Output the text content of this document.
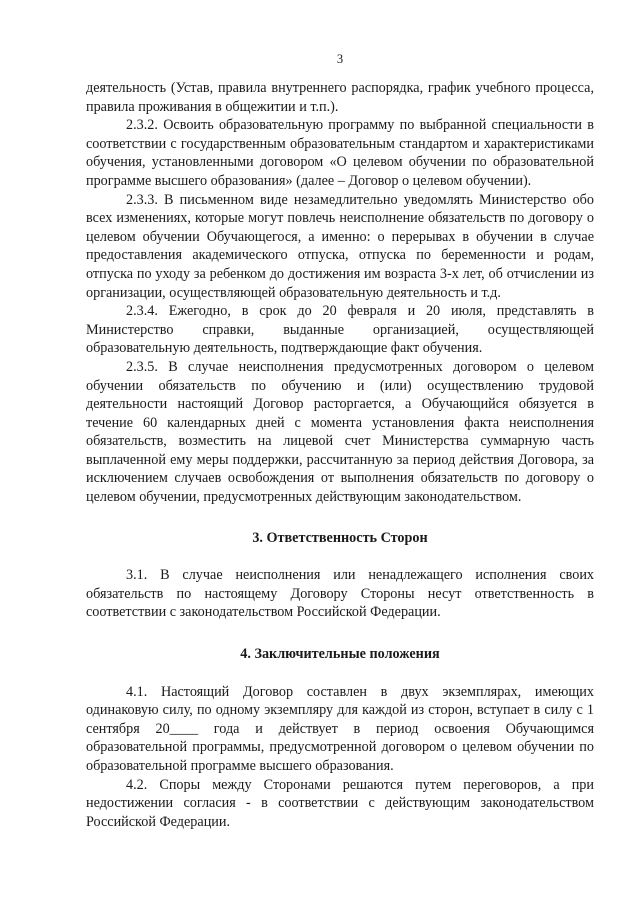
3

деятельность (Устав, правила внутреннего распорядка, график учебного процесса, правила проживания в общежитии и т.п.).

2.3.2. Освоить образовательную программу по выбранной специальности в соответствии с государственным образовательным стандартом и характеристиками обучения, установленными договором «О целевом обучении по образовательной программе высшего образования» (далее – Договор о целевом обучении).

2.3.3. В письменном виде незамедлительно уведомлять Министерство обо всех изменениях, которые могут повлечь неисполнение обязательств по договору о целевом обучении Обучающегося, а именно: о перерывах в обучении в случае предоставления академического отпуска, отпуска по беременности и родам, отпуска по уходу за ребенком до достижения им возраста 3-х лет, об отчислении из организации, осуществляющей образовательную деятельность и т.д.

2.3.4. Ежегодно, в срок до 20 февраля и 20 июля, представлять в Министерство справки, выданные организацией, осуществляющей образовательную деятельность, подтверждающие факт обучения.

2.3.5. В случае неисполнения предусмотренных договором о целевом обучении обязательств по обучению и (или) осуществлению трудовой деятельности настоящий Договор расторгается, а Обучающийся обязуется в течение 60 календарных дней с момента установления факта неисполнения обязательств, возместить на лицевой счет Министерства суммарную часть выплаченной ему меры поддержки, рассчитанную за период действия Договора, за исключением случаев освобождения от выполнения обязательств по договору о целевом обучении, предусмотренных действующим законодательством.

3. Ответственность Сторон

3.1. В случае неисполнения или ненадлежащего исполнения своих обязательств по настоящему Договору Стороны несут ответственность в соответствии с законодательством Российской Федерации.

4. Заключительные положения

4.1. Настоящий Договор составлен в двух экземплярах, имеющих одинаковую силу, по одному экземпляру для каждой из сторон, вступает в силу с 1 сентября 20____ года и действует в период освоения Обучающимся образовательной программы, предусмотренной договором о целевом обучении по образовательной программе высшего образования.

4.2. Споры между Сторонами решаются путем переговоров, а при недостижении согласия - в соответствии с действующим законодательством Российской Федерации.
